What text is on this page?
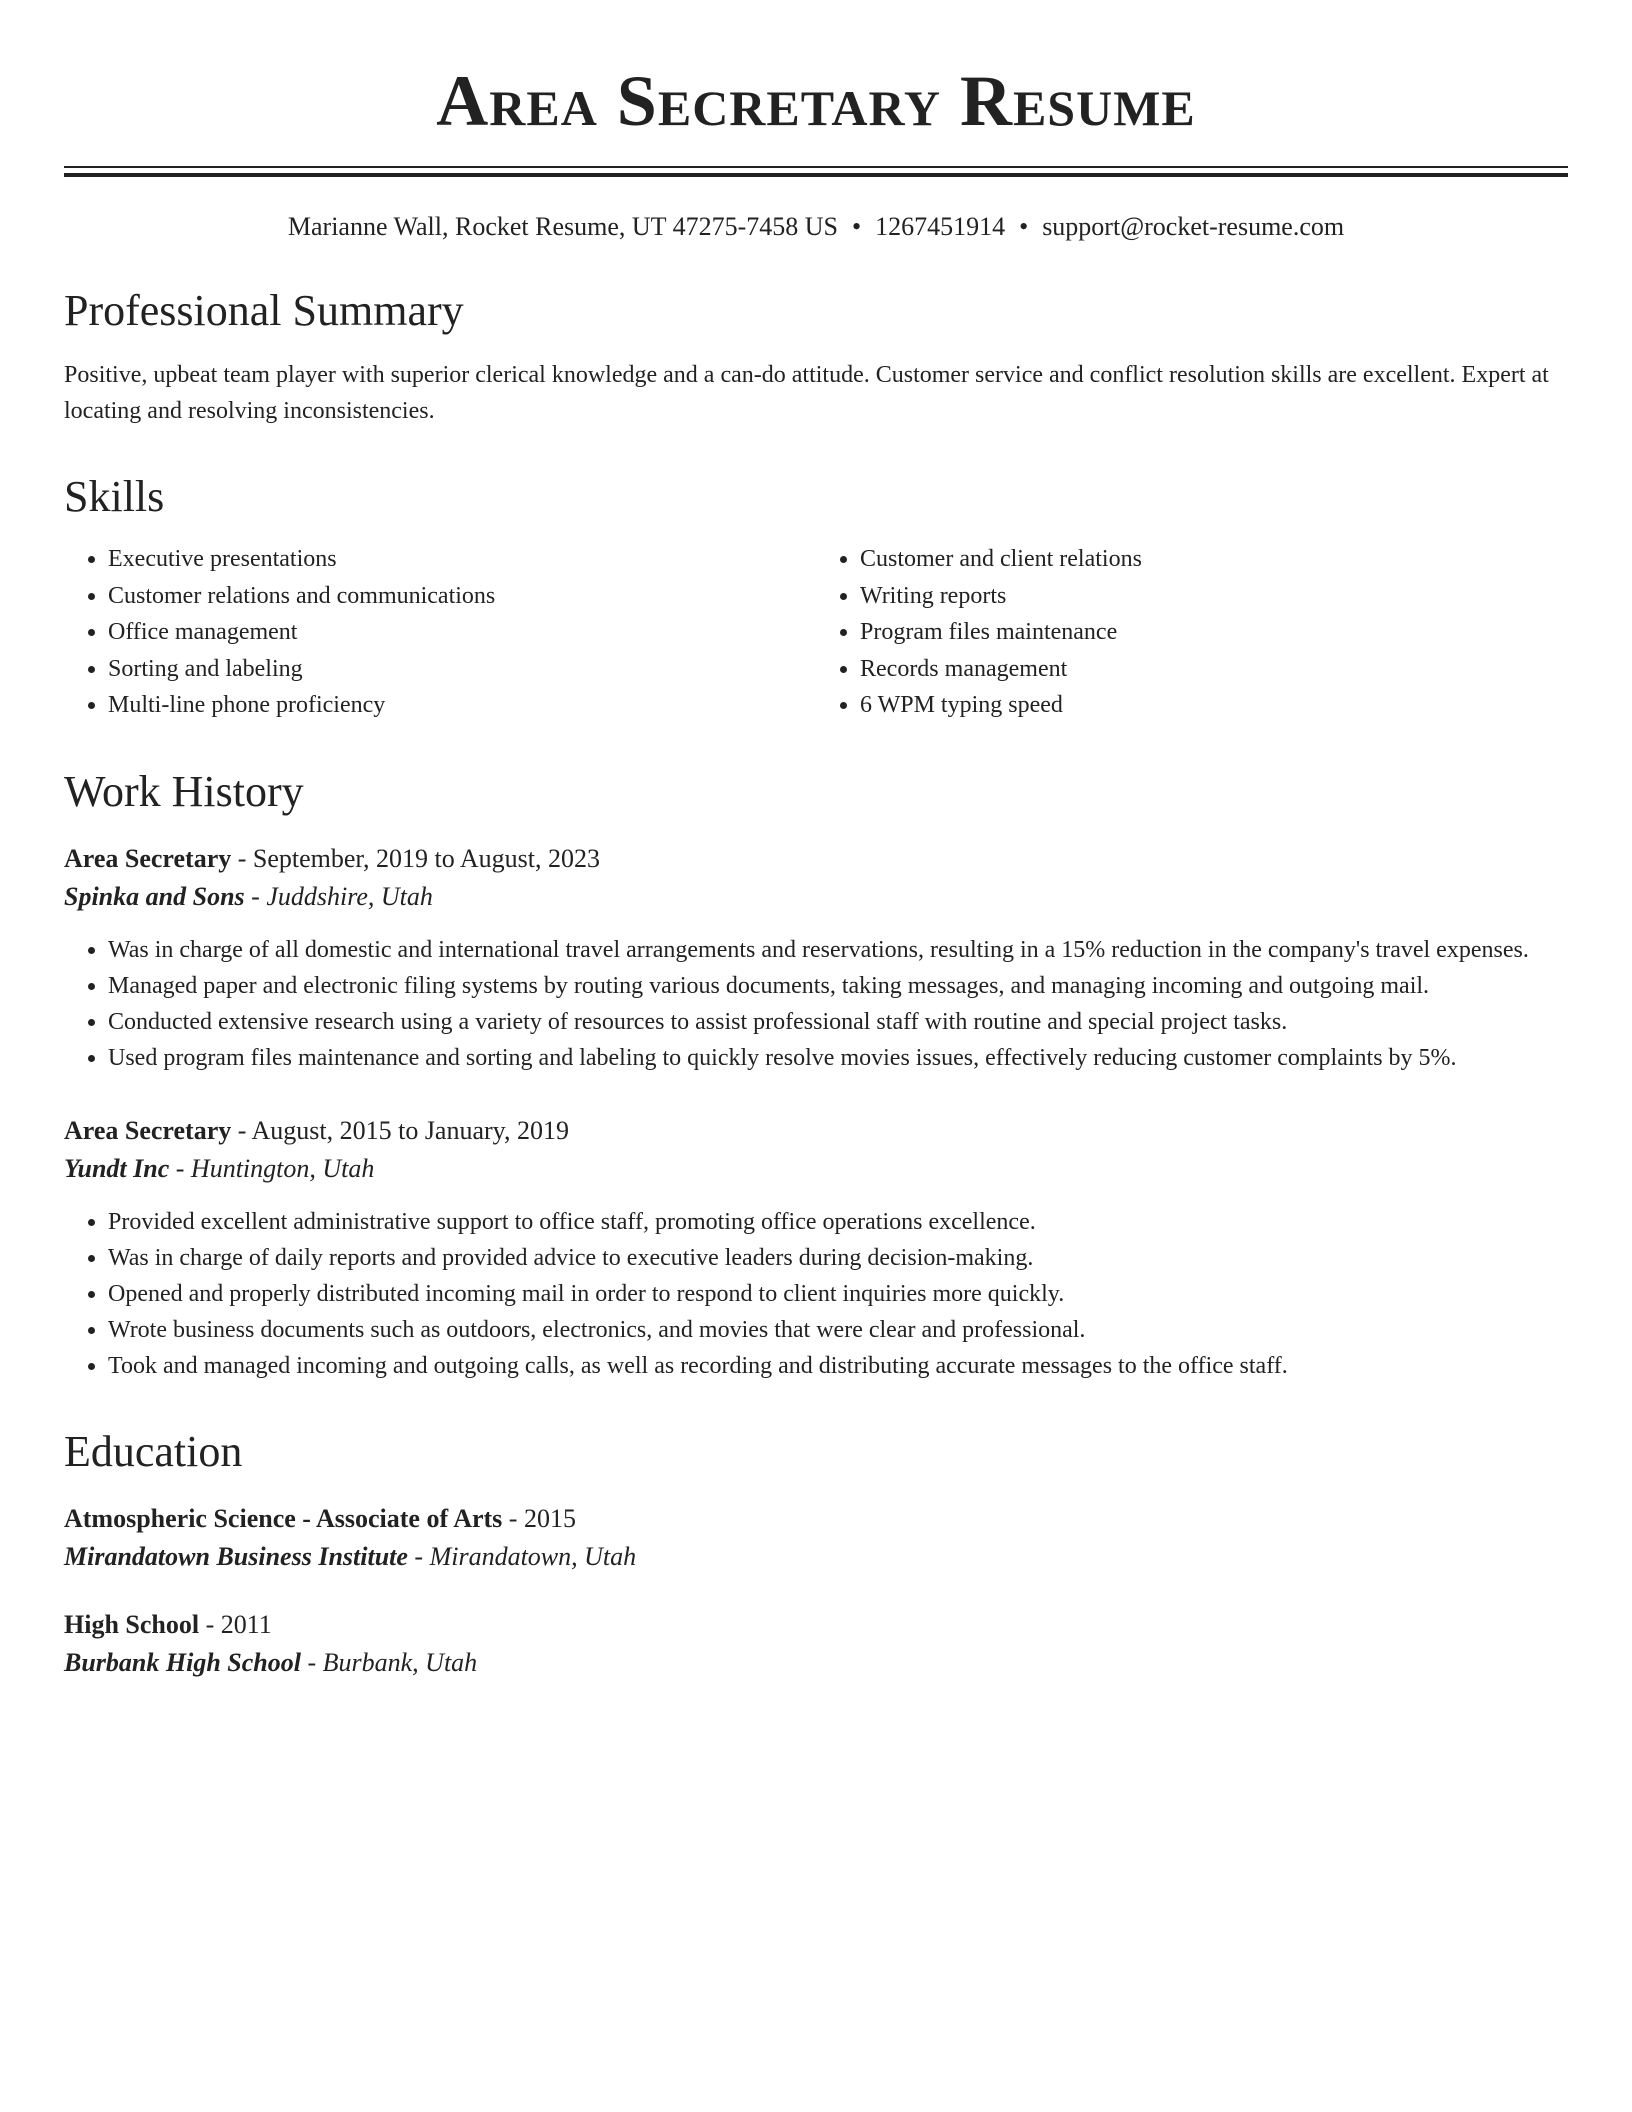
Area Secretary Resume
Marianne Wall, Rocket Resume, UT 47275-7458 US • 1267451914 • support@rocket-resume.com
Professional Summary

Positive, upbeat team player with superior clerical knowledge and a can-do attitude. Customer service and conflict resolution skills are excellent. Expert at locating and resolving inconsistencies.

Skills
• Executive presentations
• Customer relations and communications
• Office management
• Sorting and labeling
• Multi-line phone proficiency
• Customer and client relations
• Writing reports
• Program files maintenance
• Records management
• 6 WPM typing speed
Work History
Area Secretary - September, 2019 to August, 2023
Spinka and Sons - Juddshire, Utah
• Was in charge of all domestic and international travel arrangements and reservations, resulting in a 15% reduction in the company's travel expenses.
• Managed paper and electronic filing systems by routing various documents, taking messages, and managing incoming and outgoing mail.
• Conducted extensive research using a variety of resources to assist professional staff with routine and special project tasks.
• Used program files maintenance and sorting and labeling to quickly resolve movies issues, effectively reducing customer complaints by 5%.
Area Secretary - August, 2015 to January, 2019
Yundt Inc - Huntington, Utah
• Provided excellent administrative support to office staff, promoting office operations excellence.
• Was in charge of daily reports and provided advice to executive leaders during decision-making.
• Opened and properly distributed incoming mail in order to respond to client inquiries more quickly.
• Wrote business documents such as outdoors, electronics, and movies that were clear and professional.
• Took and managed incoming and outgoing calls, as well as recording and distributing accurate messages to the office staff.
Education
Atmospheric Science - Associate of Arts - 2015
Mirandatown Business Institute - Mirandatown, Utah
High School - 2011
Burbank High School - Burbank, Utah
